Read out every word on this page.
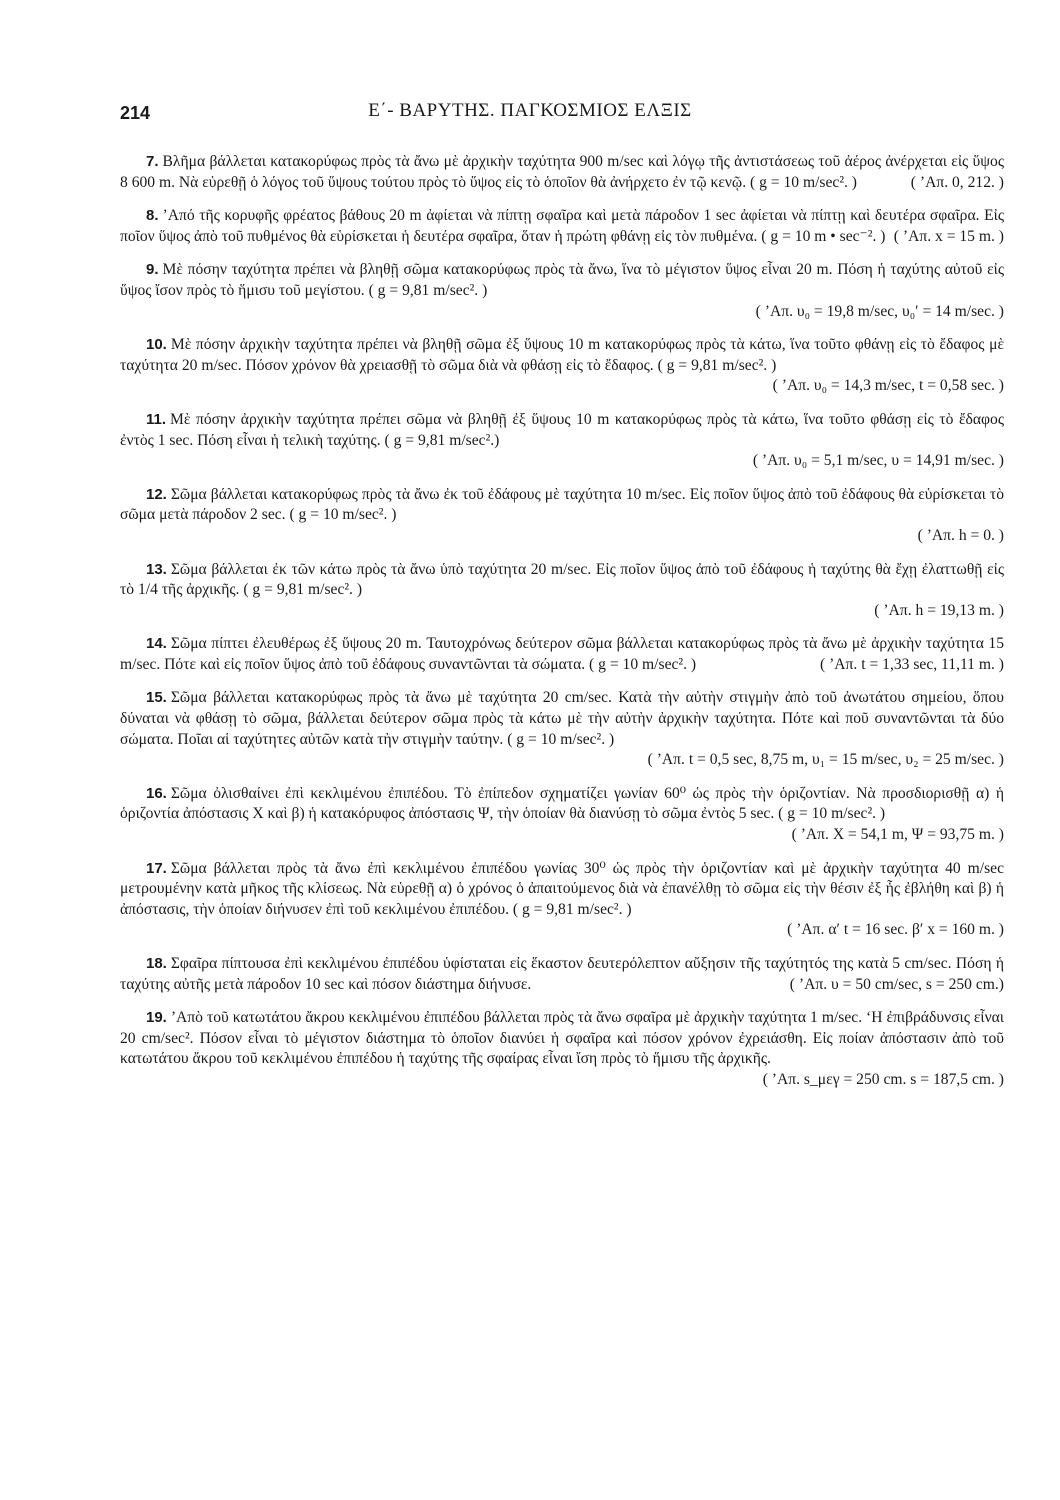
214	Ε΄- ΒΑΡΥΤΗΣ. ΠΑΓΚΟΣΜΙΟΣ ΕΛΞΙΣ

7. Βλῆμα βάλλεται κατακορύφως πρὸς τὰ ἄνω μὲ ἀρχικὴν ταχύτητα 900 m/sec καὶ λόγῳ τῆς ἀντιστάσεως τοῦ ἀέρος ἀνέρχεται εἰς ὕψος 8 600 m. Νὰ εὑρεθῇ ὁ λόγος τοῦ ὕψους τούτου πρὸς τὸ ὕψος εἰς τὸ ὁποῖον θὰ ἀνήρχετο ἐν τῷ κενῷ. ( g = 10 m/sec². )	( ’Απ. 0, 212. )

8. ’Από τῆς κορυφῆς φρέατος βάθους 20 m ἀφίεται νὰ πίπτῃ σφαῖρα καὶ μετὰ πάροδον 1 sec ἀφίεται νὰ πίπτῃ καὶ δευτέρα σφαῖρα. Εἰς ποῖον ὕψος ἀπὸ τοῦ πυθμένος θὰ εὑρίσκεται ἡ δευτέρα σφαῖρα, ὅταν ἡ πρώτη φθάνῃ εἰς τὸν πυθμένα. ( g = 10 m • sec⁻². ) ( ’Απ. x = 15 m. )

9. Μὲ πόσην ταχύτητα πρέπει νὰ βληθῇ σῶμα κατακορύφως πρὸς τὰ ἄνω, ἵνα τὸ μέγιστον ὕψος εἶναι 20 m. Πόση ἡ ταχύτης αὐτοῦ εἰς ὕψος ἴσον πρὸς τὸ ἥμισυ τοῦ μεγίστου. ( g = 9,81 m/sec². )
( ’Απ. υ₀ = 19,8 m/sec, υ₀′ = 14 m/sec. )

10. Μὲ πόσην ἀρχικὴν ταχύτητα πρέπει νὰ βληθῇ σῶμα ἐξ ὕψους 10 m κατακορύφως πρὸς τὰ κάτω, ἵνα τοῦτο φθάνῃ εἰς τὸ ἔδαφος μὲ ταχύτητα 20 m/sec. Πόσον χρόνον θὰ χρειασθῇ τὸ σῶμα διὰ νὰ φθάσῃ εἰς τὸ ἔδαφος. ( g = 9,81 m/sec². )
( ’Απ. υ₀ = 14,3 m/sec, t = 0,58 sec. )

11. Μὲ πόσην ἀρχικὴν ταχύτητα πρέπει σῶμα νὰ βληθῇ ἐξ ὕψους 10 m κατακορύφως πρὸς τὰ κάτω, ἵνα τοῦτο φθάσῃ εἰς τὸ ἔδαφος ἐντὸς 1 sec. Πόση εἶναι ἡ τελικὴ ταχύτης. ( g = 9,81 m/sec².)
( ’Απ. υ₀ = 5,1 m/sec, υ = 14,91 m/sec. )

12. Σῶμα βάλλεται κατακορύφως πρὸς τὰ ἄνω ἐκ τοῦ ἐδάφους μὲ ταχύτητα 10 m/sec. Εἰς ποῖον ὕψος ἀπὸ τοῦ ἐδάφους θὰ εὑρίσκεται τὸ σῶμα μετὰ πάροδον 2 sec. ( g = 10 m/sec². )
( ’Απ. h = 0. )

13. Σῶμα βάλλεται ἐκ τῶν κάτω πρὸς τὰ ἄνω ὑπὸ ταχύτητα 20 m/sec. Εἰς ποῖον ὕψος ἀπὸ τοῦ ἐδάφους ἡ ταχύτης θὰ ἔχῃ ἐλαττωθῇ εἰς τὸ 1/4 τῆς ἀρχικῆς. ( g = 9,81 m/sec². )
( ’Απ. h = 19,13 m. )

14. Σῶμα πίπτει ἐλευθέρως ἐξ ὕψους 20 m. Ταυτοχρόνως δεύτερον σῶμα βάλλεται κατακορύφως πρὸς τὰ ἄνω μὲ ἀρχικὴν ταχύτητα 15 m/sec. Πότε καὶ εἰς ποῖον ὕψος ἀπὸ τοῦ ἐδάφους συναντῶνται τὰ σώματα. ( g = 10 m/sec². )	( ’Απ. t = 1,33 sec, 11,11 m. )

15. Σῶμα βάλλεται κατακορύφως πρὸς τὰ ἄνω μὲ ταχύτητα 20 cm/sec. Κατὰ τὴν αὐτὴν στιγμὴν ἀπὸ τοῦ ἀνωτάτου σημείου, ὅπου δύναται νὰ φθάσῃ τὸ σῶμα, βάλλεται δεύτερον σῶμα πρὸς τὰ κάτω μὲ τὴν αὐτὴν ἀρχικὴν ταχύτητα. Πότε καὶ ποῦ συναντῶνται τὰ δύο σώματα. Ποῖαι αἱ ταχύτητες αὐτῶν κατὰ τὴν στιγμὴν ταύτην. ( g = 10 m/sec². )
( ’Απ. t = 0,5 sec, 8,75 m, υ₁ = 15 m/sec, υ₂ = 25 m/sec. )

16. Σῶμα ὀλισθαίνει ἐπὶ κεκλιμένου ἐπιπέδου. Τὸ ἐπίπεδον σχηματίζει γωνίαν 60⁰ ὡς πρὸς τὴν ὁριζοντίαν. Νὰ προσδιορισθῇ α) ἡ ὁριζοντία ἀπόστασις Χ καὶ β) ἡ κατακόρυφος ἀπόστασις Ψ, τὴν ὁποίαν θὰ διανύσῃ τὸ σῶμα ἐντὸς 5 sec. ( g = 10 m/sec². )
( ’Απ. Χ = 54,1 m, Ψ = 93,75 m. )

17. Σῶμα βάλλεται πρὸς τὰ ἄνω ἐπὶ κεκλιμένου ἐπιπέδου γωνίας 30⁰ ὡς πρὸς τὴν ὁριζοντίαν καὶ μὲ ἀρχικὴν ταχύτητα 40 m/sec μετρουμένην κατὰ μῆκος τῆς κλίσεως. Νὰ εὑρεθῇ α) ὁ χρόνος ὁ ἀπαιτούμενος διὰ νὰ ἐπανέλθῃ τὸ σῶμα εἰς τὴν θέσιν ἐξ ἧς ἐβλήθη καὶ β) ἡ ἀπόστασις, τὴν ὁποίαν διήνυσεν ἐπὶ τοῦ κεκλιμένου ἐπιπέδου. ( g = 9,81 m/sec². )
( ’Απ. α′ t = 16 sec. β′ x = 160 m. )

18. Σφαῖρα πίπτουσα ἐπὶ κεκλιμένου ἐπιπέδου ὑφίσταται εἰς ἕκαστον δευτερόλεπτον αὔξησιν τῆς ταχύτητός της κατὰ 5 cm/sec. Πόση ἡ ταχύτης αὐτῆς μετὰ πάροδον 10 sec καὶ πόσον διάστημα διήνυσε.	( ’Απ. υ = 50 cm/sec, s = 250 cm.)

19. ’Απὸ τοῦ κατωτάτου ἄκρου κεκλιμένου ἐπιπέδου βάλλεται πρὸς τὰ ἄνω σφαῖρα μὲ ἀρχικὴν ταχύτητα 1 m/sec. ‘Η ἐπιβράδυνσις εἶναι 20 cm/sec². Πόσον εἶναι τὸ μέγιστον διάστημα τὸ ὁποῖον διανύει ἡ σφαῖρα καὶ πόσον χρόνον ἐχρειάσθη. Εἰς ποίαν ἀπόστασιν ἀπὸ τοῦ κατωτάτου ἄκρου τοῦ κεκλιμένου ἐπιπέδου ἡ ταχύτης τῆς σφαίρας εἶναι ἴση πρὸς τὸ ἥμισυ τῆς ἀρχικῆς.
( ’Απ. s_μεγ = 250 cm. s = 187,5 cm. )
